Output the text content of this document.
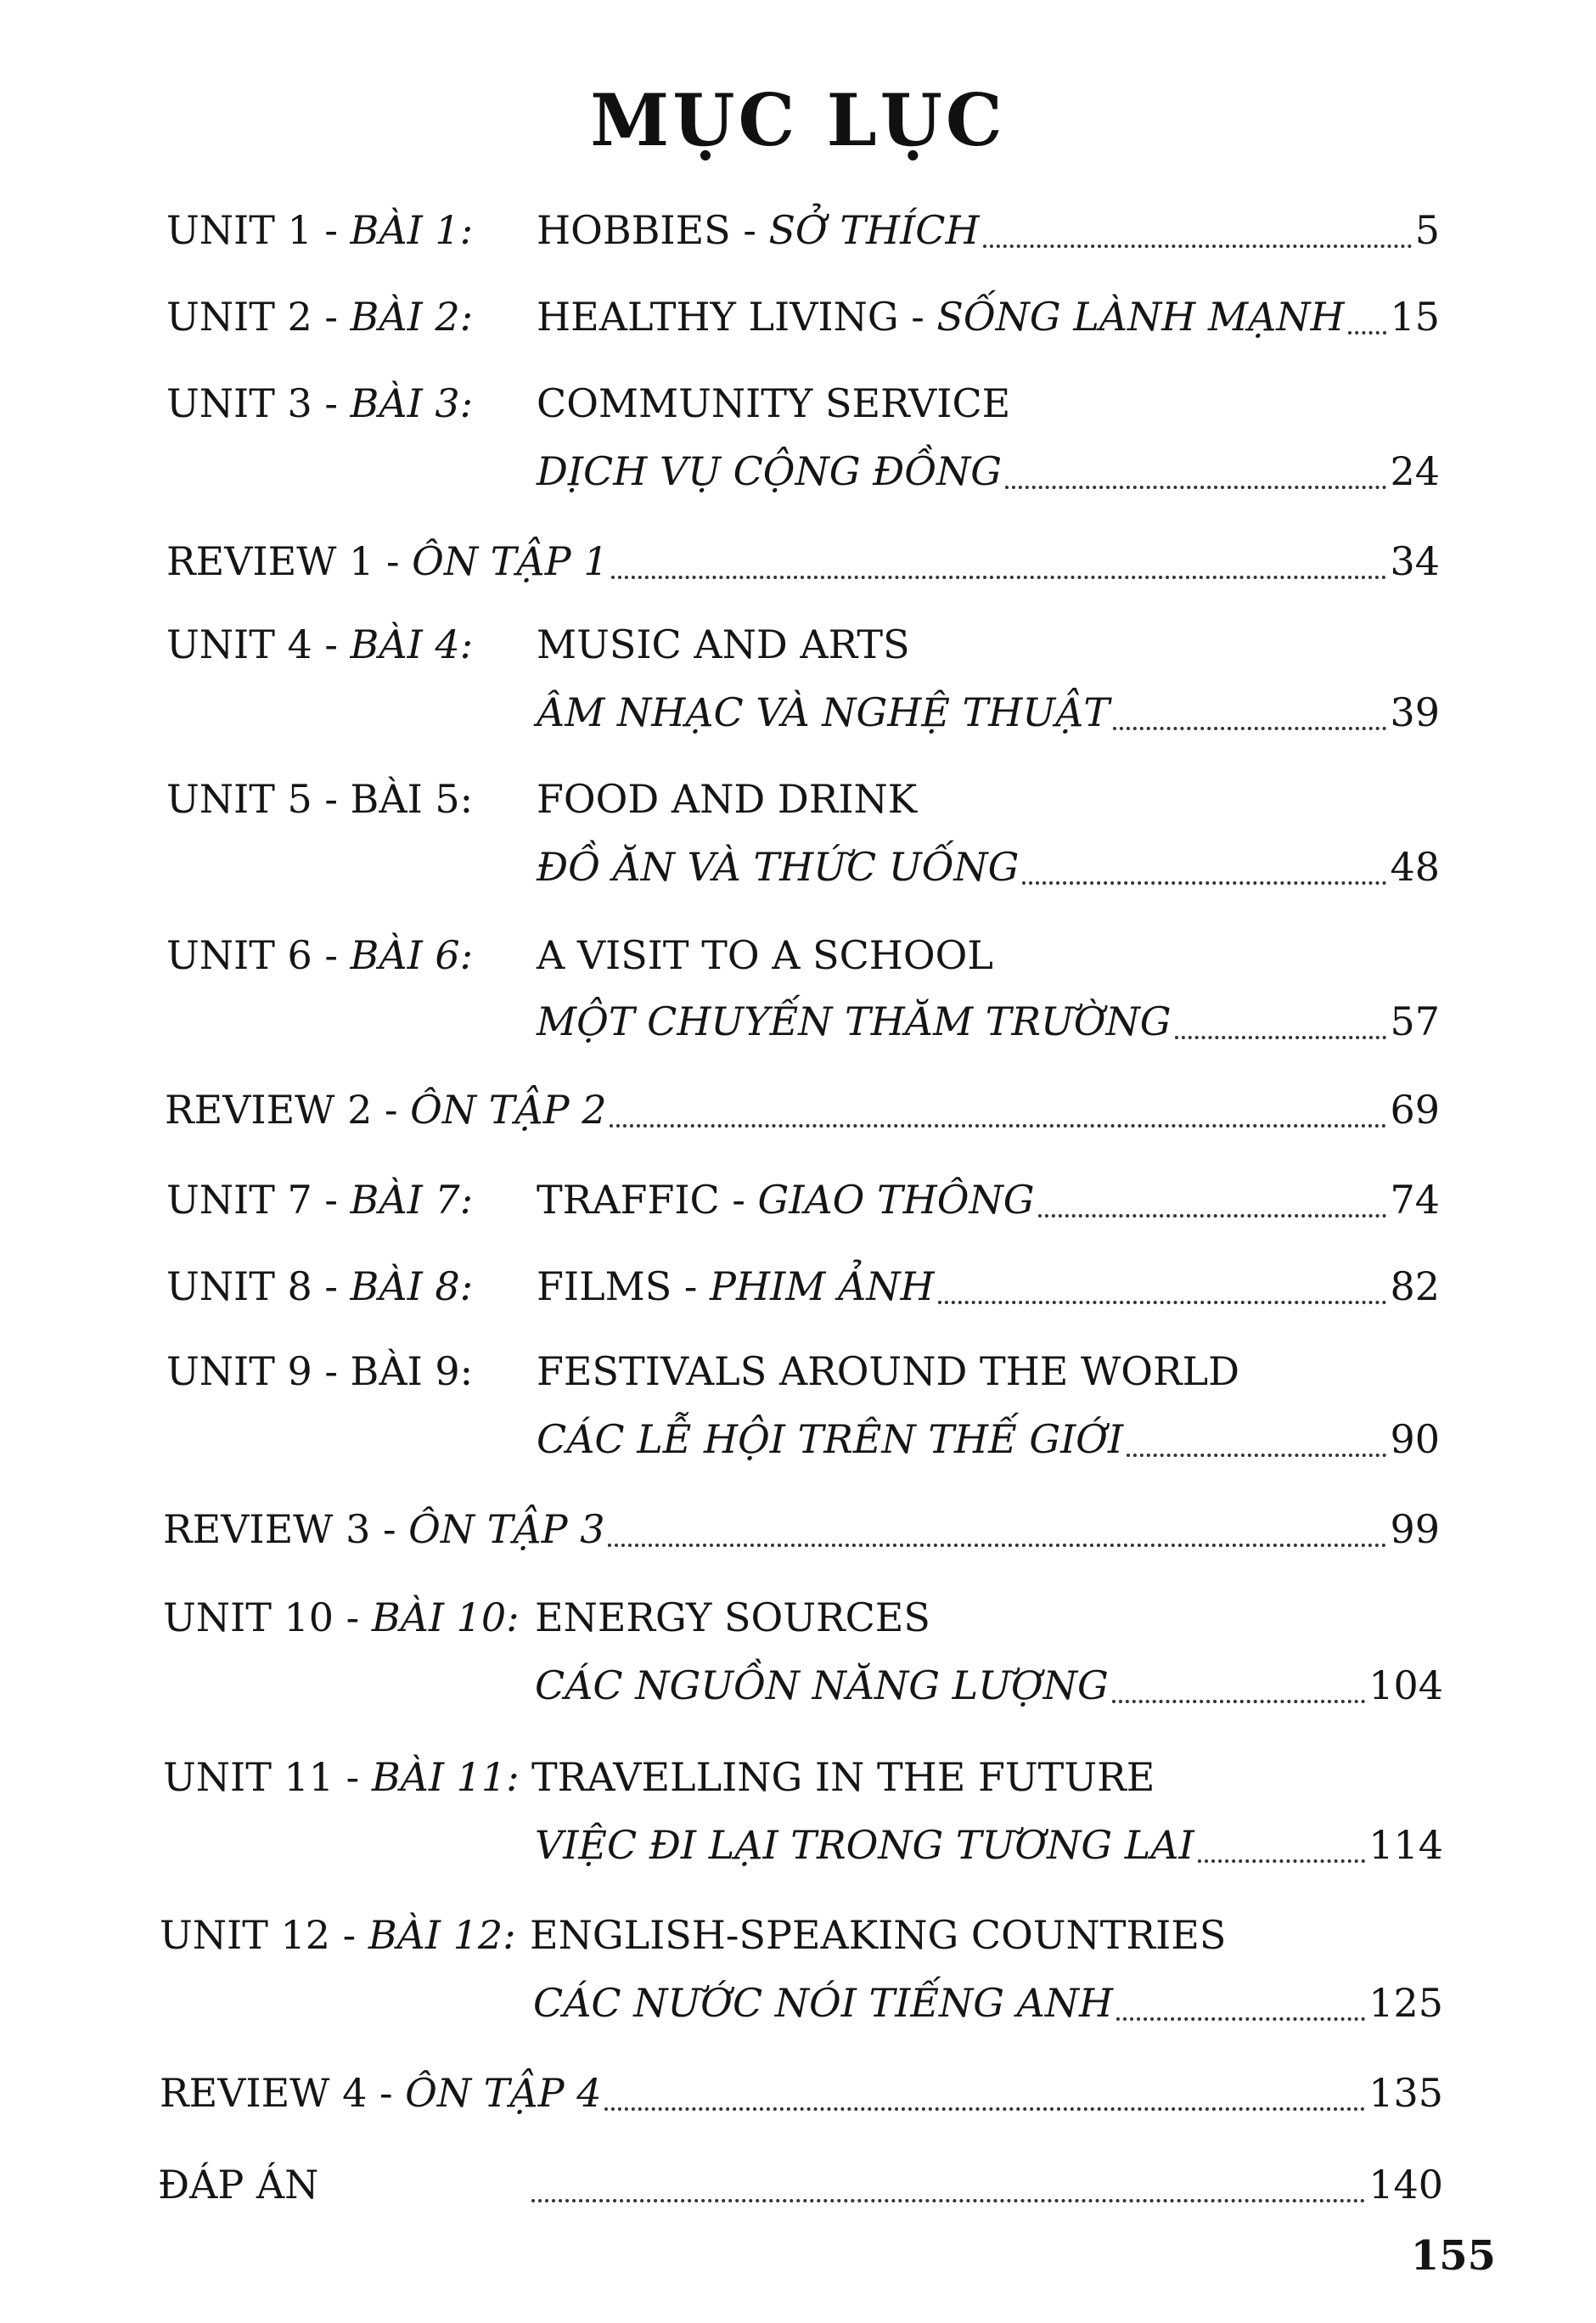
MỤC LỤC
UNIT 1 - BÀI 1: HOBBIES - SỞ THÍCH	5
UNIT 2 - BÀI 2: HEALTHY LIVING - SỐNG LÀNH MẠNH 15
UNIT 3 - BÀI 3: COMMUNITY SERVICE
DỊCH VỤ CỘNG ĐỒNG	24
REVIEW 1 - ÔN TẬP 1	34
UNIT 4 - BÀI 4: MUSIC AND ARTS
ÂM NHẠC VÀ NGHỆ THUẬT	39
UNIT 5 - BÀI 5: FOOD AND DRINK
ĐỒ ĂN VÀ THỨC UỐNG	48
UNIT 6 - BÀI 6: A VISIT TO A SCHOOL
MỘT CHUYẾN THĂM TRƯỜNG	57
REVIEW 2 - ÔN TẬP 2	69
UNIT 7 - BÀI 7: TRAFFIC - GIAO THÔNG	74
UNIT 8 - BÀI 8: FILMS - PHIM ẢNH	82
UNIT 9 - BÀI 9: FESTIVALS AROUND THE WORLD
CÁC LỄ HỘI TRÊN THẾ GIỚI	90
REVIEW 3 - ÔN TẬP 3	99
UNIT 10 - BÀI 10: ENERGY SOURCES
CÁC NGUỒN NĂNG LƯỢNG	104
UNIT 11 - BÀI 11: TRAVELLING IN THE FUTURE
VIỆC ĐI LẠI TRONG TƯƠNG LAI	114
UNIT 12 - BÀI 12: ENGLISH-SPEAKING COUNTRIES
CÁC NƯỚC NÓI TIẾNG ANH	125
REVIEW 4 - ÔN TẬP 4	135
ĐÁP ÁN	140
155
